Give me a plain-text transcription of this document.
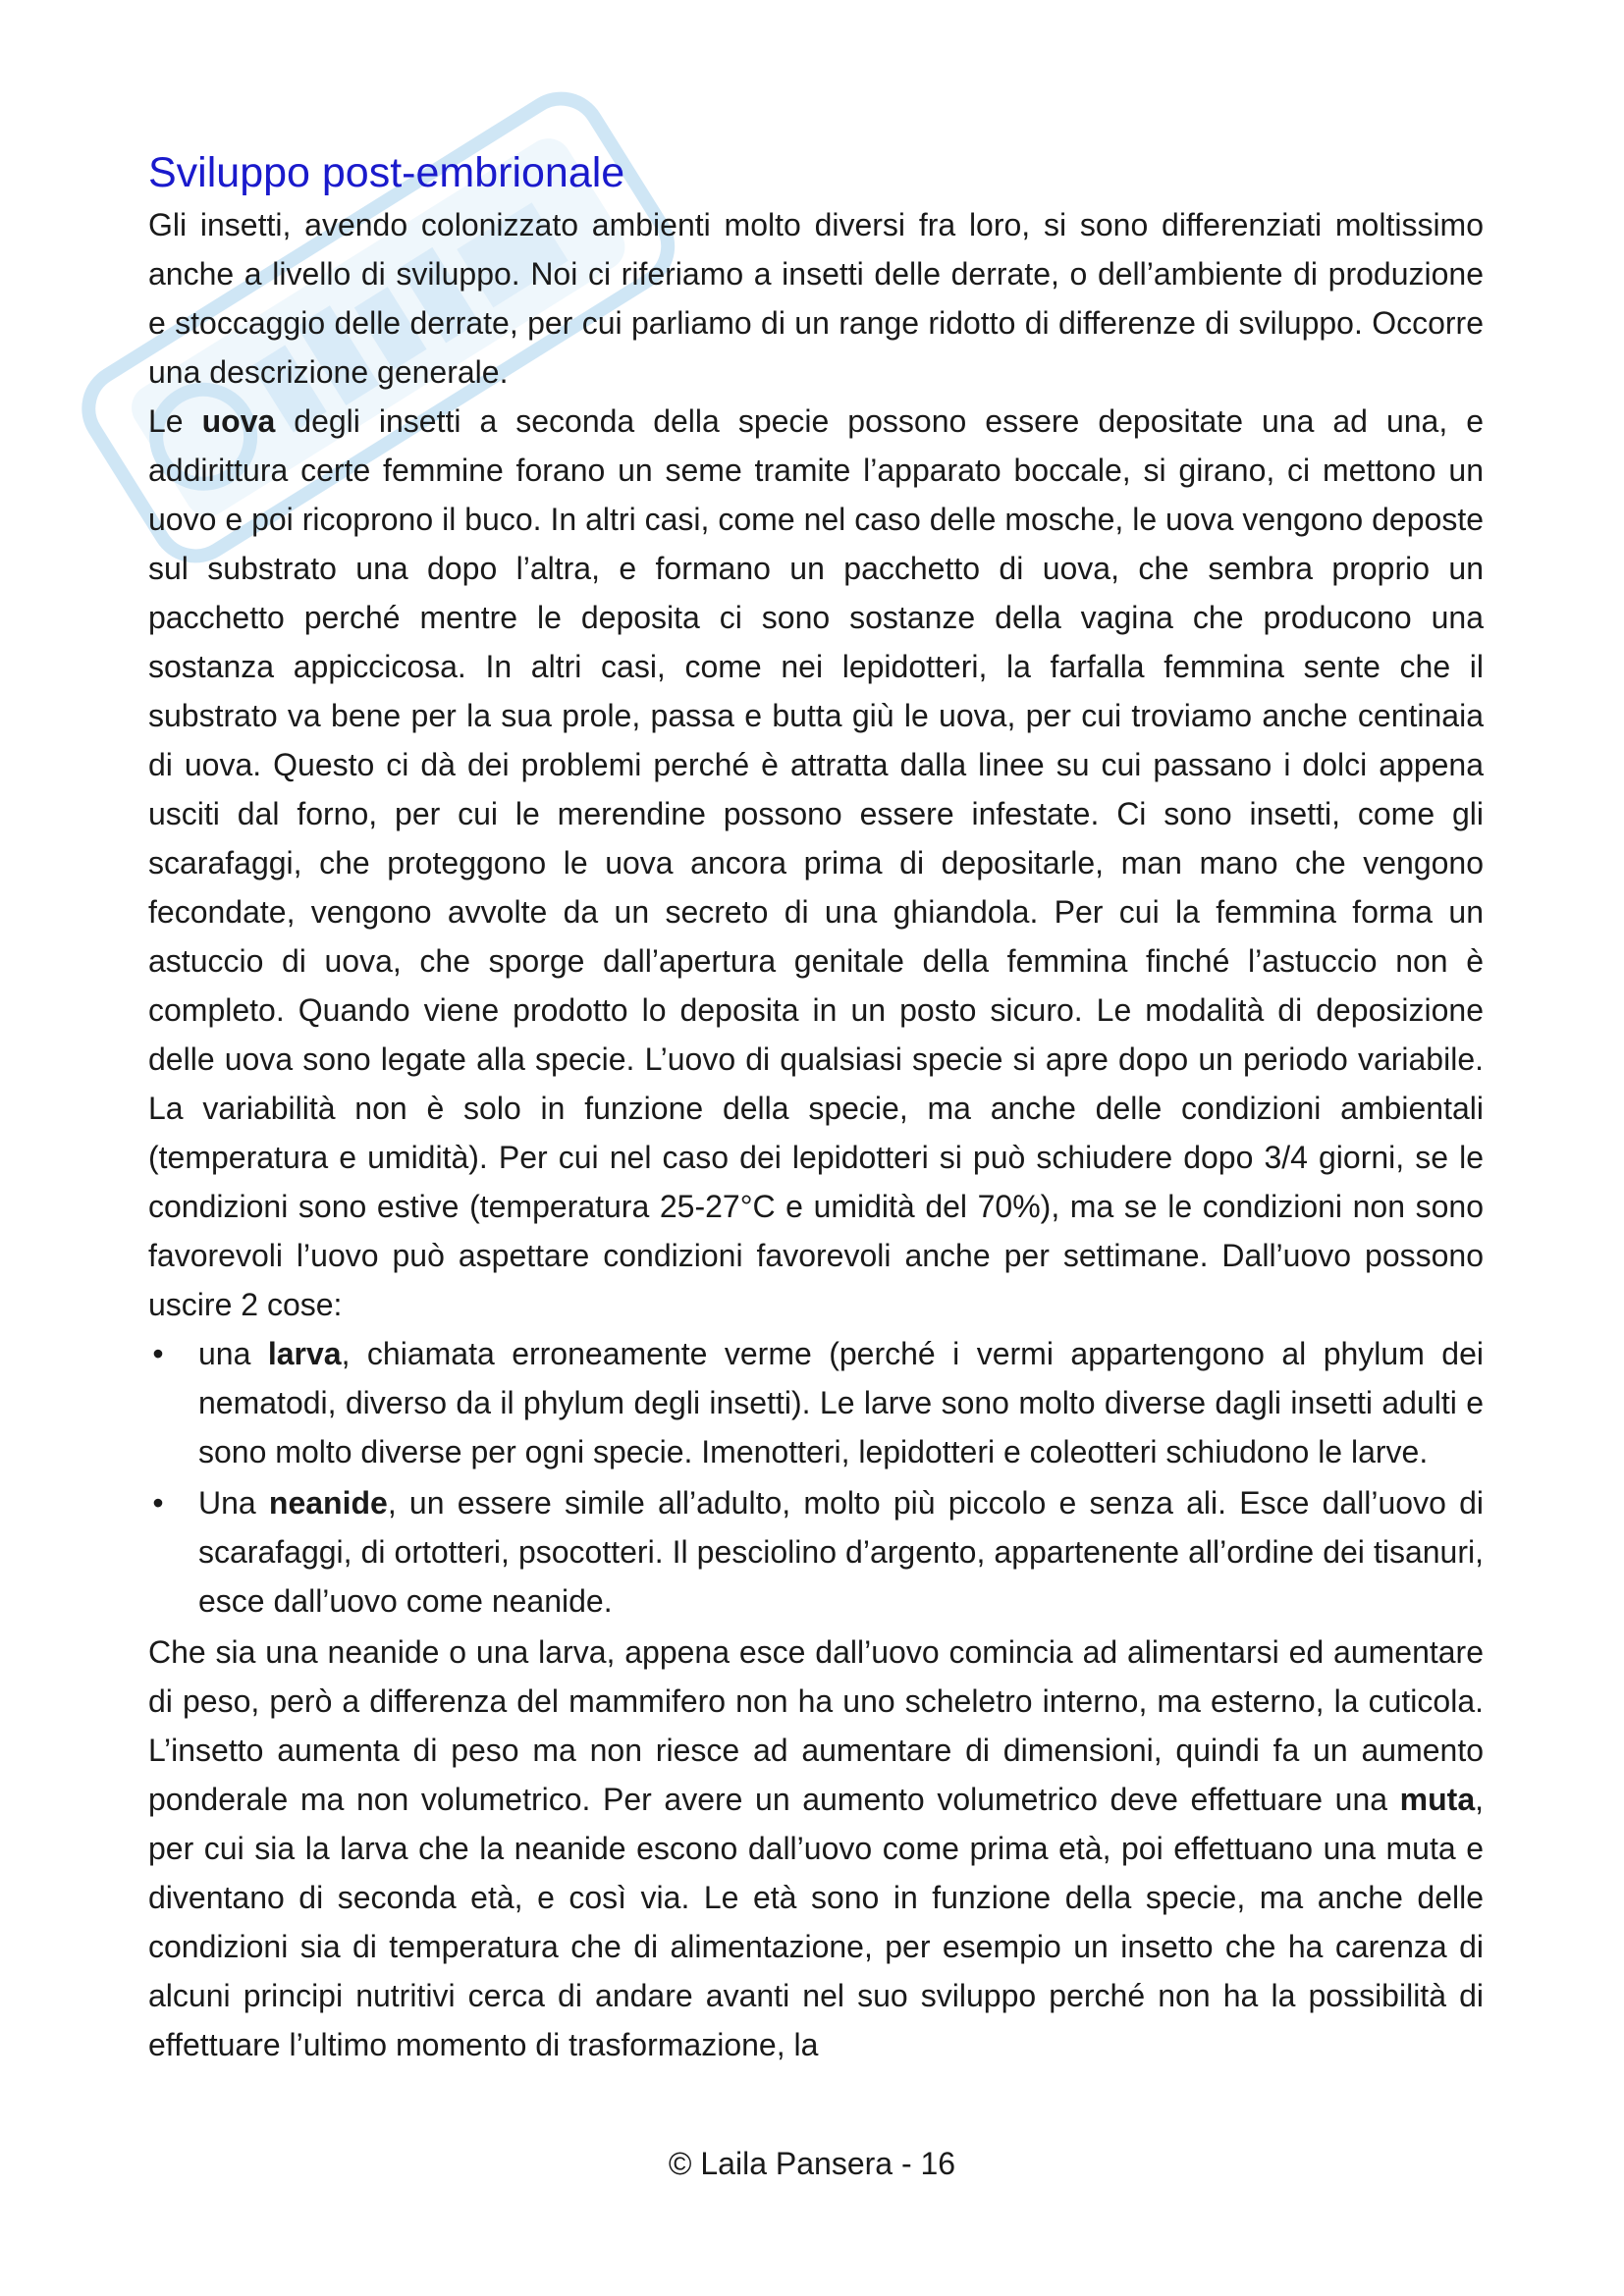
Sviluppo post-embrionale

Gli insetti, avendo colonizzato ambienti molto diversi fra loro, si sono differenziati moltissimo anche a livello di sviluppo. Noi ci riferiamo a insetti delle derrate, o dell’ambiente di produzione e stoccaggio delle derrate, per cui parliamo di un range ridotto di differenze di sviluppo. Occorre una descrizione generale.

Le uova degli insetti a seconda della specie possono essere depositate una ad una, e addirittura certe femmine forano un seme tramite l’apparato boccale, si girano, ci mettono un uovo e poi ricoprono il buco. In altri casi, come nel caso delle mosche, le uova vengono deposte sul substrato una dopo l’altra, e formano un pacchetto di uova, che sembra proprio un pacchetto perché mentre le deposita ci sono sostanze della vagina che producono una sostanza appiccicosa. In altri casi, come nei lepidotteri, la farfalla femmina sente che il substrato va bene per la sua prole, passa e butta giù le uova, per cui troviamo anche centinaia di uova. Questo ci dà dei problemi perché è attratta dalla linee su cui passano i dolci appena usciti dal forno, per cui le merendine possono essere infestate. Ci sono insetti, come gli scarafaggi, che proteggono le uova ancora prima di depositarle, man mano che vengono fecondate, vengono avvolte da un secreto di una ghiandola. Per cui la femmina forma un astuccio di uova, che sporge dall’apertura genitale della femmina finché l’astuccio non è completo. Quando viene prodotto lo deposita in un posto sicuro. Le modalità di deposizione delle uova sono legate alla specie. L’uovo di qualsiasi specie si apre dopo un periodo variabile. La variabilità non è solo in funzione della specie, ma anche delle condizioni ambientali (temperatura e umidità). Per cui nel caso dei lepidotteri si può schiudere dopo 3/4 giorni, se le condizioni sono estive (temperatura 25-27°C e umidità del 70%), ma se le condizioni non sono favorevoli l’uovo può aspettare condizioni favorevoli anche per settimane. Dall’uovo possono uscire 2 cose:

• una larva, chiamata erroneamente verme (perché i vermi appartengono al phylum dei nematodi, diverso da il phylum degli insetti). Le larve sono molto diverse dagli insetti adulti e sono molto diverse per ogni specie. Imenotteri, lepidotteri e coleotteri schiudono le larve.
• Una neanide, un essere simile all’adulto, molto più piccolo e senza ali. Esce dall’uovo di scarafaggi, di ortotteri, psocotteri. Il pesciolino d’argento, appartenente all’ordine dei tisanuri, esce dall’uovo come neanide.

Che sia una neanide o una larva, appena esce dall’uovo comincia ad alimentarsi ed aumentare di peso, però a differenza del mammifero non ha uno scheletro interno, ma esterno, la cuticola. L’insetto aumenta di peso ma non riesce ad aumentare di dimensioni, quindi fa un aumento ponderale ma non volumetrico. Per avere un aumento volumetrico deve effettuare una muta, per cui sia la larva che la neanide escono dall’uovo come prima età, poi effettuano una muta e diventano di seconda età, e così via. Le età sono in funzione della specie, ma anche delle condizioni sia di temperatura che di alimentazione, per esempio un insetto che ha carenza di alcuni principi nutritivi cerca di andare avanti nel suo sviluppo perché non ha la possibilità di effettuare l’ultimo momento di trasformazione, la

© Laila Pansera - 16
